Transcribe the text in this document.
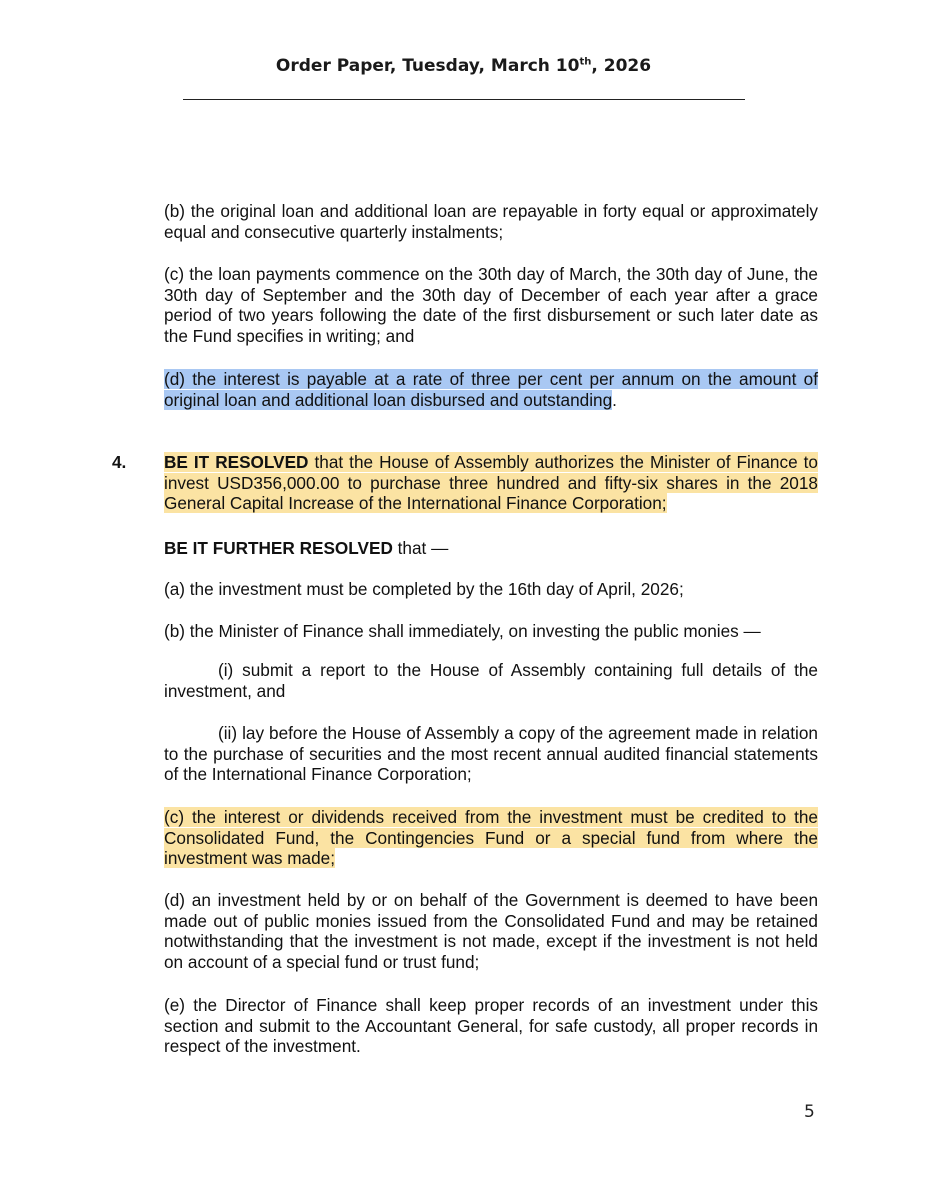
Order Paper, Tuesday, March 10th, 2026

(b) the original loan and additional loan are repayable in forty equal or approximately equal and consecutive quarterly instalments;

(c) the loan payments commence on the 30th day of March, the 30th day of June, the 30th day of September and the 30th day of December of each year after a grace period of two years following the date of the first disbursement or such later date as the Fund specifies in writing; and

(d) the interest is payable at a rate of three per cent per annum on the amount of original loan and additional loan disbursed and outstanding.

4. BE IT RESOLVED that the House of Assembly authorizes the Minister of Finance to invest USD356,000.00 to purchase three hundred and fifty-six shares in the 2018 General Capital Increase of the International Finance Corporation;

BE IT FURTHER RESOLVED that —

(a) the investment must be completed by the 16th day of April, 2026;

(b) the Minister of Finance shall immediately, on investing the public monies —

(i) submit a report to the House of Assembly containing full details of the investment, and

(ii) lay before the House of Assembly a copy of the agreement made in relation to the purchase of securities and the most recent annual audited financial statements of the International Finance Corporation;

(c) the interest or dividends received from the investment must be credited to the Consolidated Fund, the Contingencies Fund or a special fund from where the investment was made;

(d) an investment held by or on behalf of the Government is deemed to have been made out of public monies issued from the Consolidated Fund and may be retained notwithstanding that the investment is not made, except if the investment is not held on account of a special fund or trust fund;

(e) the Director of Finance shall keep proper records of an investment under this section and submit to the Accountant General, for safe custody, all proper records in respect of the investment.

5
